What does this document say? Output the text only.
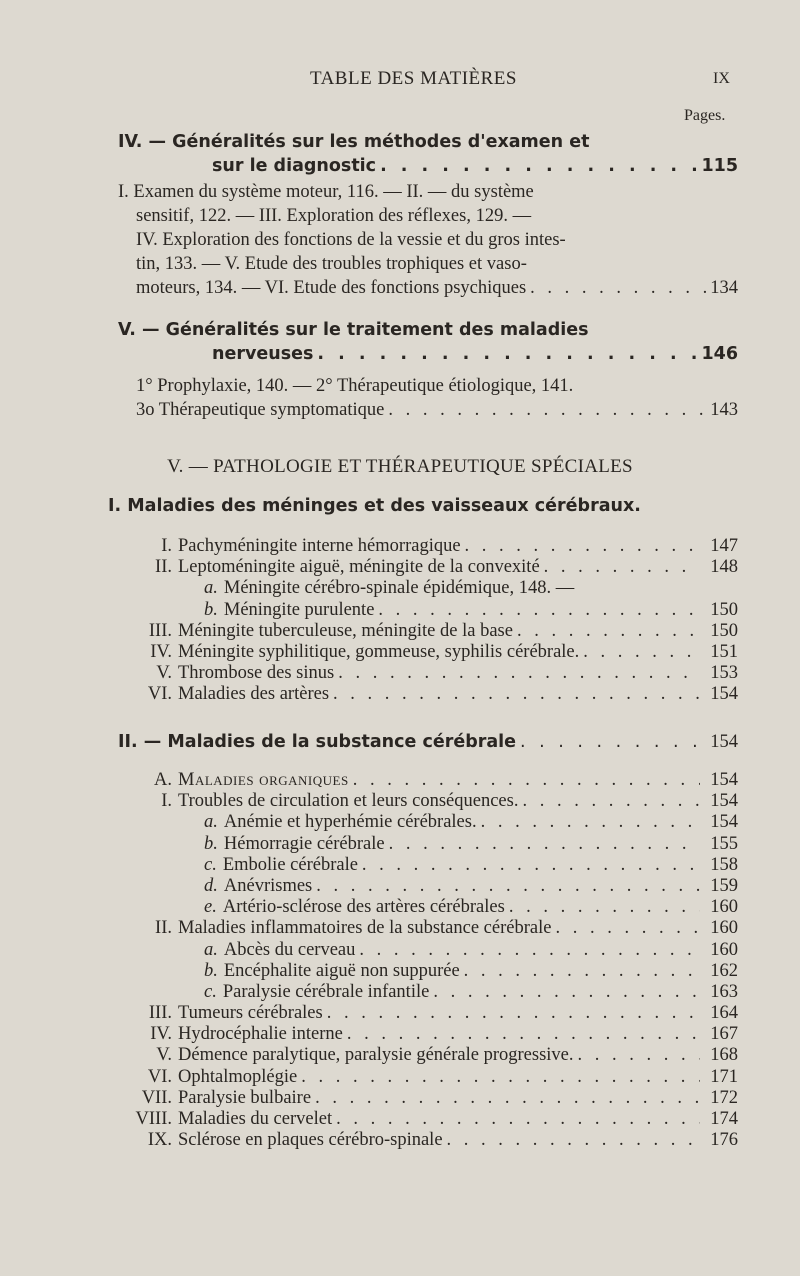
TABLE DES MATIÈRES	IX
Pages.
IV. — Généralités sur les méthodes d'examen et
sur le diagnostic . . .	115
I. Examen du système moteur, 116. — II. — du système
sensitif, 122. — III. Exploration des réflexes, 129. —
IV. Exploration des fonctions de la vessie et du gros intes-
tin, 133. — V. Etude des troubles trophiques et vaso-
moteurs, 134. — VI. Etude des fonctions psychiques . . .	134
V. — Généralités sur le traitement des maladies
nerveuses . . .	146
1° Prophylaxie, 140. — 2° Thérapeutique étiologique, 141.
3o Thérapeutique symptomatique . . .	143
V. — PATHOLOGIE ET THÉRAPEUTIQUE SPÉCIALES
I. Maladies des méninges et des vaisseaux cérébraux.
I. Pachyméningite interne hémorragique . . .	147
II. Leptoméningite aiguë, méningite de la convexité . . .	148
a. Méningite cérébro-spinale épidémique, 148. —
b. Méningite purulente . . .	150
III. Méningite tuberculeuse, méningite de la base . . .	150
IV. Méningite syphilitique, gommeuse, syphilis cérébrale. . . .	151
V. Thrombose des sinus . . .	153
VI. Maladies des artères . . .	154
II. — Maladies de la substance cérébrale . . .	154
A. Maladies organiques . . .	154
I. Troubles de circulation et leurs conséquences. . . .	154
a. Anémie et hyperhémie cérébrales. . . .	154
b. Hémorragie cérébrale . . .	155
c. Embolie cérébrale . . .	158
d. Anévrismes . . .	159
e. Artério-sclérose des artères cérébrales . . .	160
II. Maladies inflammatoires de la substance cérébrale . . .	160
a. Abcès du cerveau . . .	160
b. Encéphalite aiguë non suppurée . . .	162
c. Paralysie cérébrale infantile . . .	163
III. Tumeurs cérébrales . . .	164
IV. Hydrocéphalie interne . . .	167
V. Démence paralytique, paralysie générale progressive. . . .	168
VI. Ophtalmoplégie . . .	171
VII. Paralysie bulbaire . . .	172
VIII. Maladies du cervelet . . .	174
IX. Sclérose en plaques cérébro-spinale . . .	176
